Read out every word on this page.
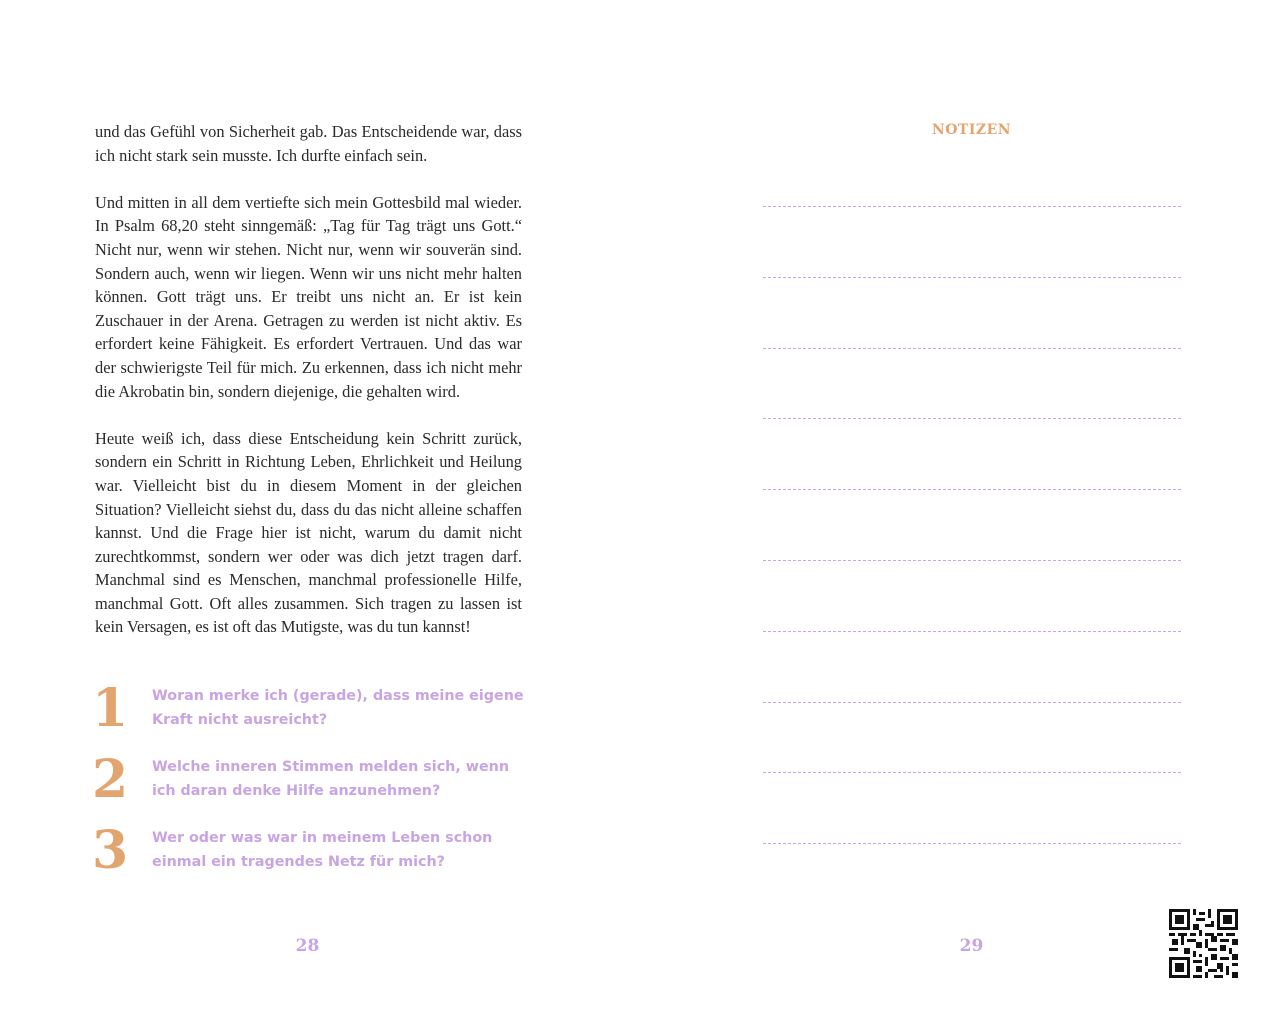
und das Gefühl von Sicherheit gab. Das Entscheidende war, dass ich nicht stark sein musste. Ich durfte einfach sein.

Und mitten in all dem vertiefte sich mein Gottesbild mal wieder. In Psalm 68,20 steht sinngemäß: „Tag für Tag trägt uns Gott.“ Nicht nur, wenn wir stehen. Nicht nur, wenn wir souverän sind. Sondern auch, wenn wir liegen. Wenn wir uns nicht mehr halten können. Gott trägt uns. Er treibt uns nicht an. Er ist kein Zuschauer in der Arena. Getragen zu werden ist nicht aktiv. Es erfordert keine Fähigkeit. Es erfordert Vertrauen. Und das war der schwierigste Teil für mich. Zu erkennen, dass ich nicht mehr die Akrobatin bin, sondern diejenige, die gehalten wird.

Heute weiß ich, dass diese Entscheidung kein Schritt zurück, sondern ein Schritt in Richtung Leben, Ehrlichkeit und Heilung war. Vielleicht bist du in diesem Moment in der gleichen Situation? Vielleicht siehst du, dass du das nicht alleine schaffen kannst. Und die Frage hier ist nicht, warum du damit nicht zurechtkommst, sondern wer oder was dich jetzt tragen darf. Manchmal sind es Menschen, manchmal professionelle Hilfe, manchmal Gott. Oft alles zusammen. Sich tragen zu lassen ist kein Versagen, es ist oft das Mutigste, was du tun kannst!

1	Woran merke ich (gerade), dass meine eigene Kraft nicht ausreicht?
2	Welche inneren Stimmen melden sich, wenn ich daran denke Hilfe anzunehmen?
3	Wer oder was war in meinem Leben schon einmal ein tragendes Netz für mich?
28
NOTIZEN
29
